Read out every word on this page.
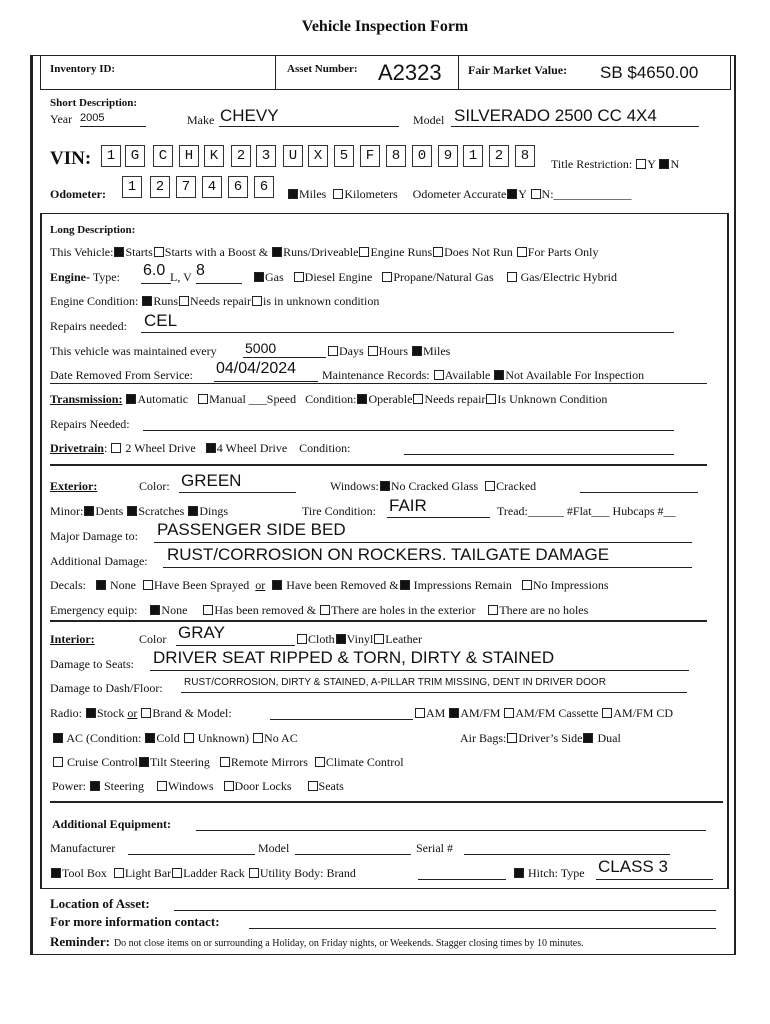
Vehicle Inspection Form
Inventory ID:	Asset Number: A2323 Fair Market Value: SB $4650.00
Short Description:
Year 2005	Make CHEVY	Model SILVERADO 2500 CC 4X4
VIN:	1	G	C	H	K	2	3	U	X	5	F	8	0	9	1	2	8	Title Restriction: Y N
Odometer:	1	2	7	4	6	6	Miles Kilometers Odometer Accurate Y N:_____________
Long Description:
This Vehicle: Starts Starts with a Boost & Runs/Driveable Engine Runs Does Not Run For Parts Only
Engine- Type: 6.0 L, V 8	Gas Diesel Engine Propane/Natural Gas Gas/Electric Hybrid
Engine Condition: Runs Needs repair is in unknown condition
Repairs needed: CEL
This vehicle was maintained every 5000	Days Hours Miles
Date Removed From Service: 04/04/2024 Maintenance Records: Available Not Available For Inspection
Transmission: Automatic Manual ___Speed Condition: Operable Needs repair Is Unknown Condition
Repairs Needed:
Drivetrain:  2 Wheel Drive 4 Wheel Drive Condition:
Exterior:	Color: GREEN	Windows: No Cracked Glass Cracked
Minor: Dents Scratches Dings	Tire Condition: FAIR	Tread:______ #Flat___ Hubcaps #__
Major Damage to: PASSENGER SIDE BED
Additional Damage: RUST/CORROSION ON ROCKERS. TAILGATE DAMAGE
Decals: None Have Been Sprayed or Have been Removed & Impressions Remain No Impressions
Emergency equip: None Has been removed & There are holes in the exterior There are no holes
Interior:	Color GRAY	Cloth Vinyl Leather
Damage to Seats: DRIVER SEAT RIPPED & TORN, DIRTY & STAINED
Damage to Dash/Floor: RUST/CORROSION, DIRTY & STAINED, A-PILLAR TRIM MISSING, DENT IN DRIVER DOOR
Radio: Stock or Brand & Model:	AM AM/FM AM/FM Cassette AM/FM CD
AC (Condition: Cold Unknown) No AC	Air Bags: Driver’s Side Dual
Cruise Control Tilt Steering Remote Mirrors Climate Control
Power: Steering Windows Door Locks Seats
Additional Equipment:
Manufacturer	Model	Serial #
Tool Box Light Bar Ladder Rack Utility Body: Brand	Hitch: Type CLASS 3
Location of Asset:
For more information contact:
Reminder: Do not close items on or surrounding a Holiday, on Friday nights, or Weekends. Stagger closing times by 10 minutes.
